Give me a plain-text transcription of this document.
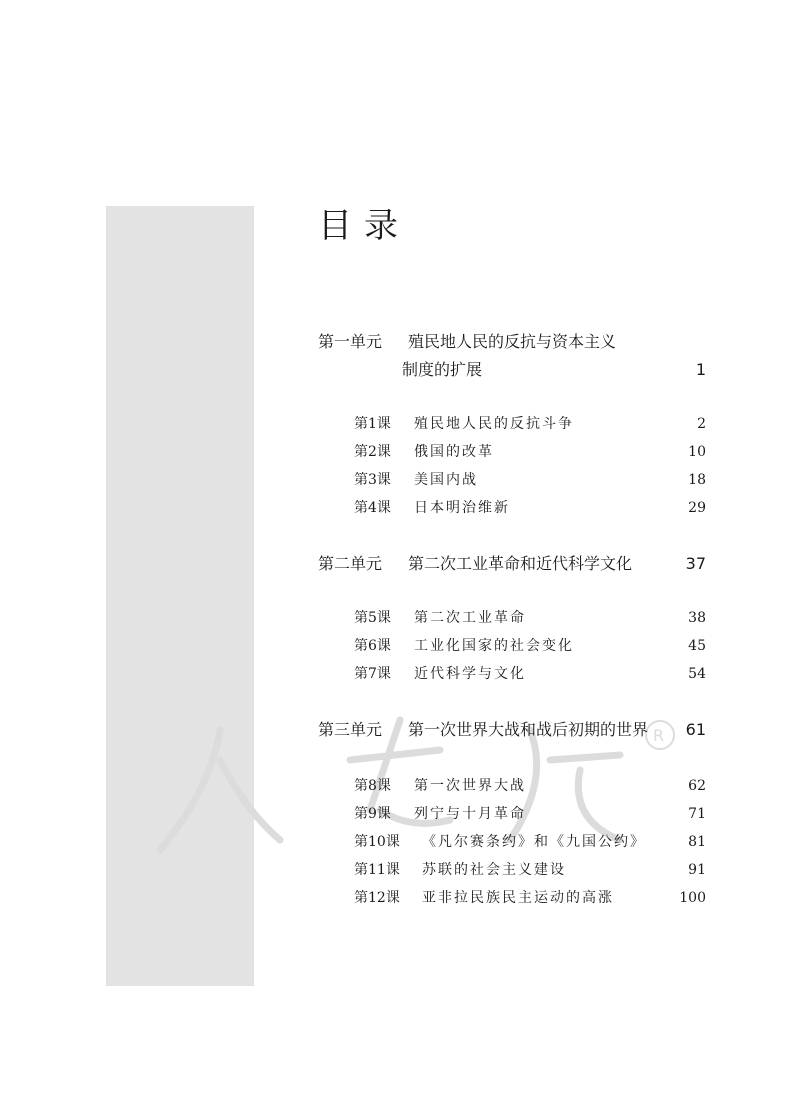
R
目录
第一单元 殖民地人民的反抗与资本主义
制度的扩展	1
第1课 殖民地人民的反抗斗争	2
第2课 俄国的改革	10
第3课 美国内战	18
第4课 日本明治维新	29
第二单元 第二次工业革命和近代科学文化	37
第5课 第二次工业革命	38
第6课 工业化国家的社会变化	45
第7课 近代科学与文化	54
第三单元 第一次世界大战和战后初期的世界 61
第8课 第一次世界大战	62
第9课 列宁与十月革命	71
第10课 《凡尔赛条约》和《九国公约》	81
第11课 苏联的社会主义建设	91
第12课 亚非拉民族民主运动的高涨	100
